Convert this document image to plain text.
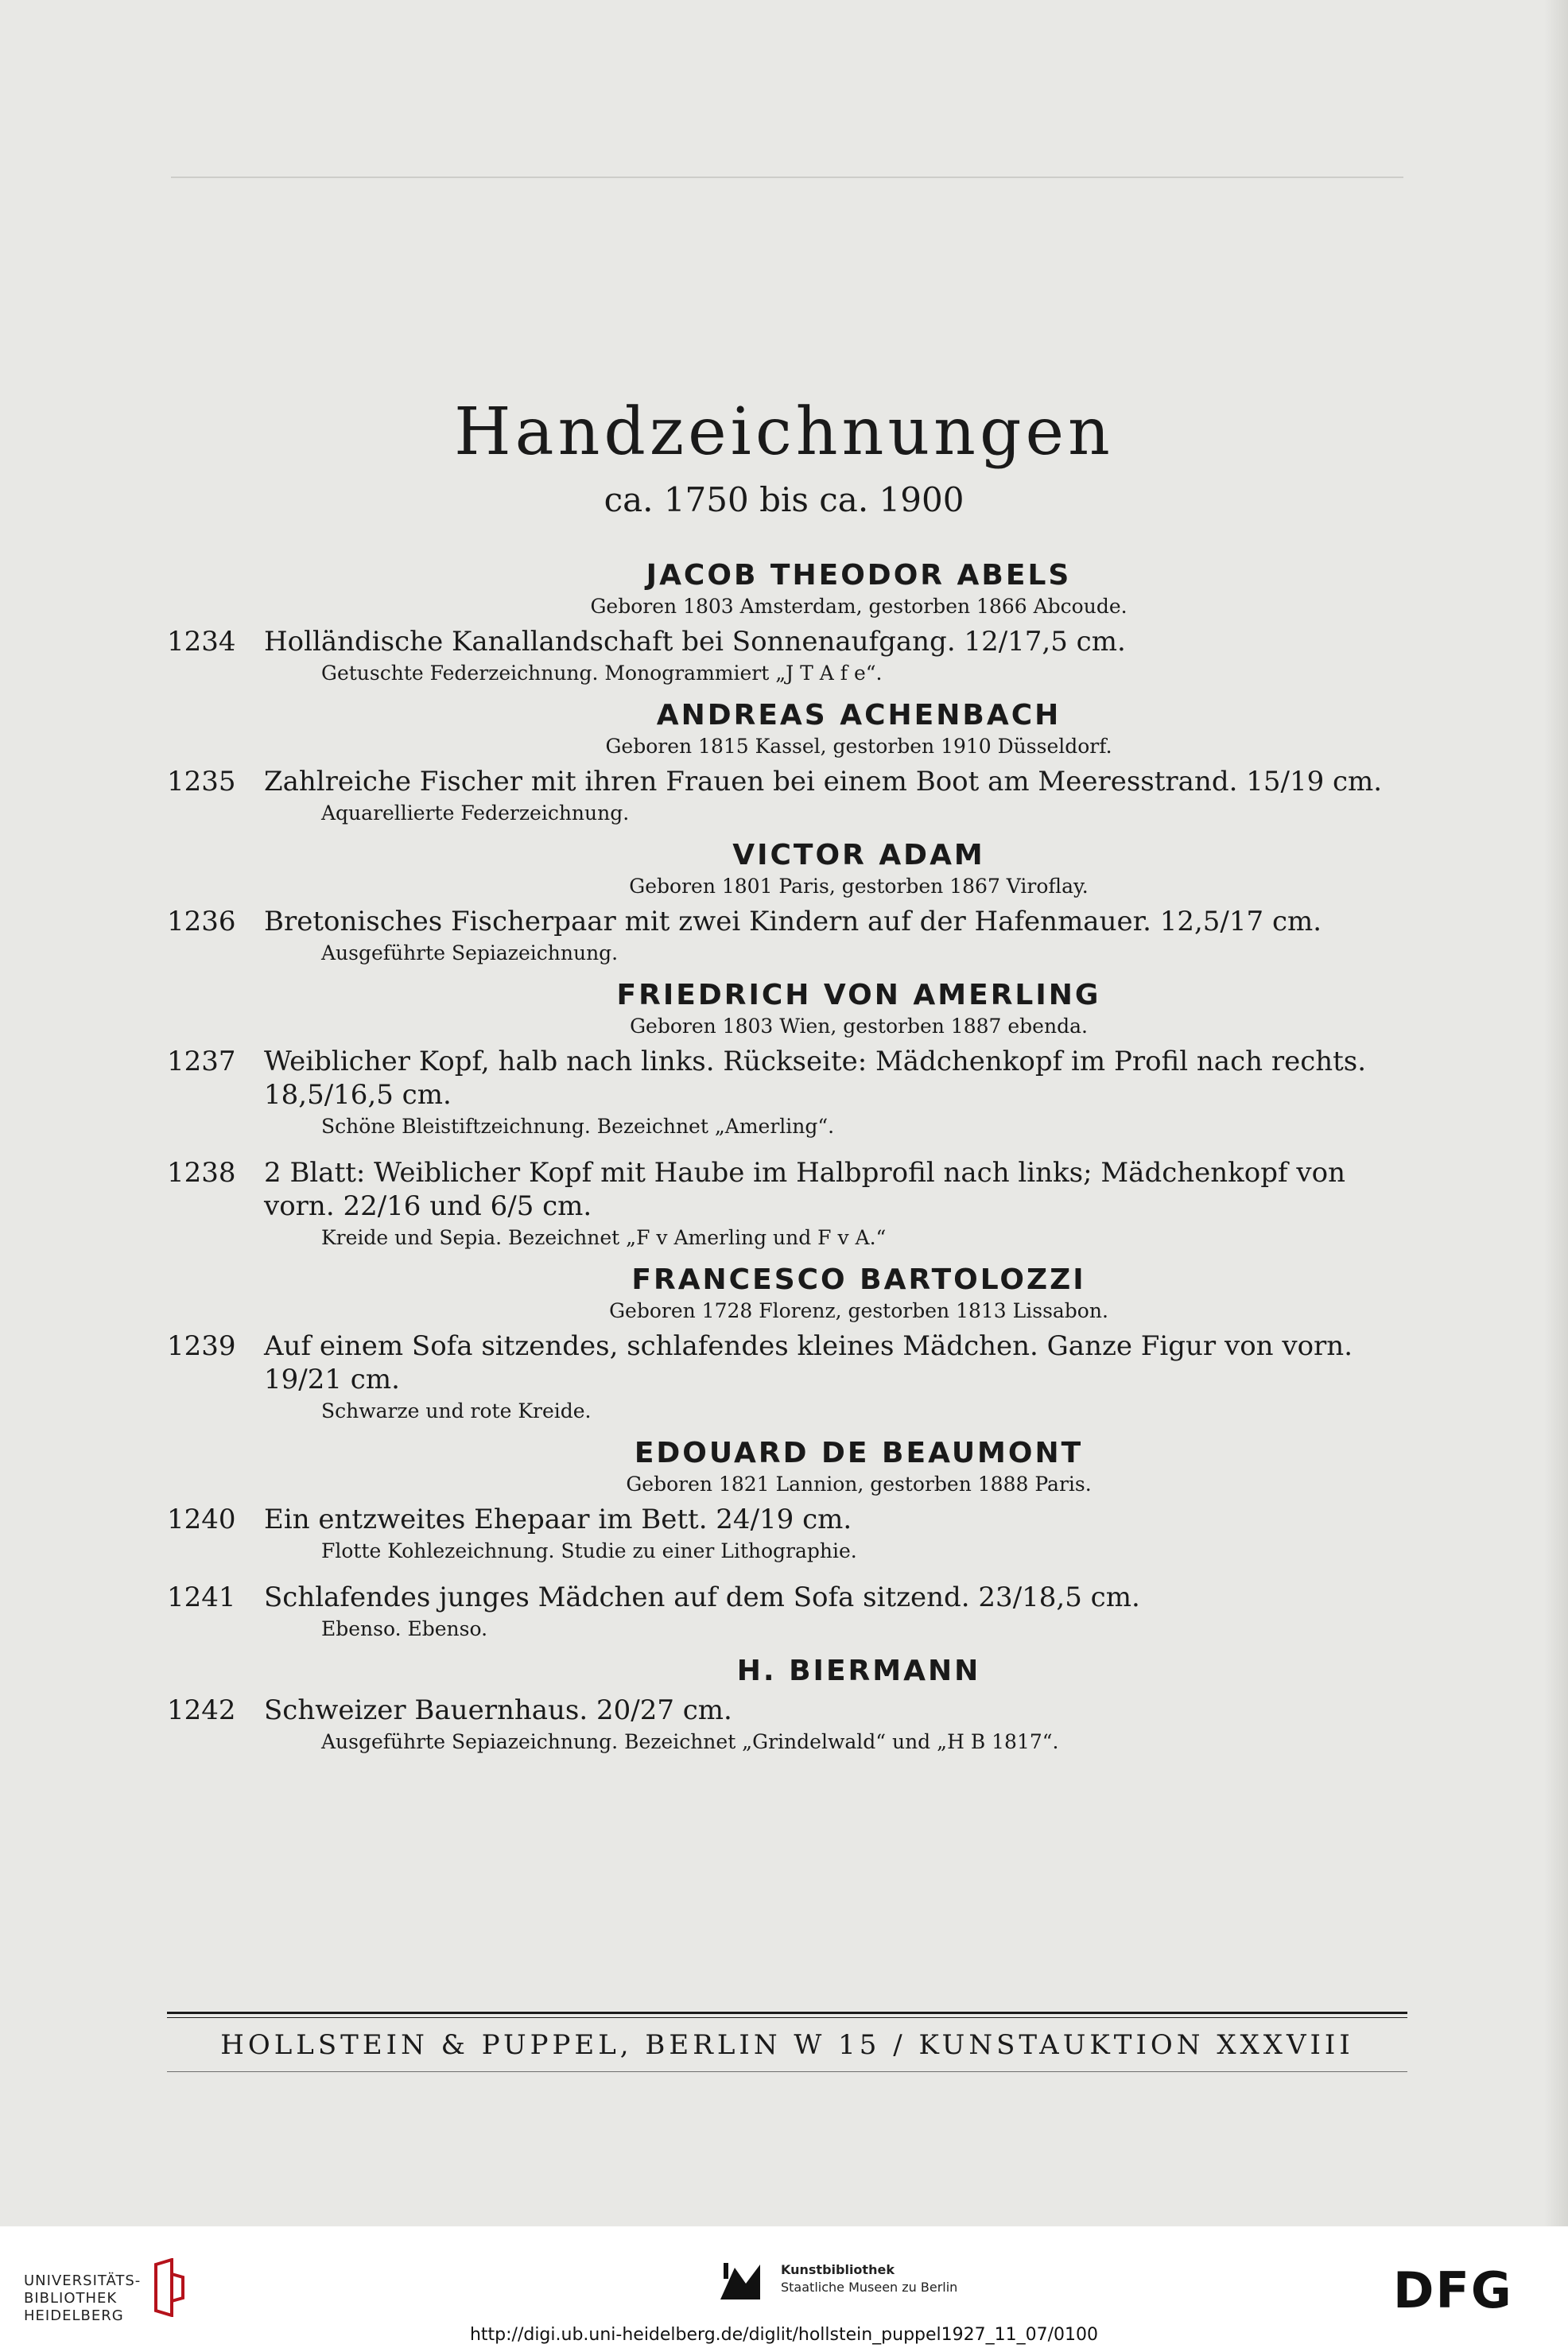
Handzeichnungen
ca. 1750 bis ca. 1900
JACOB THEODOR ABELS
Geboren 1803 Amsterdam, gestorben 1866 Abcoude.
1234	Holländische Kanallandschaft bei Sonnenaufgang. 12/17,5 cm.
Getuschte Federzeichnung. Monogrammiert „J T A f e“.
ANDREAS ACHENBACH
Geboren 1815 Kassel, gestorben 1910 Düsseldorf.
1235	Zahlreiche Fischer mit ihren Frauen bei einem Boot am Meeresstrand. 15/19 cm.
Aquarellierte Federzeichnung.
VICTOR ADAM
Geboren 1801 Paris, gestorben 1867 Viroflay.
1236	Bretonisches Fischerpaar mit zwei Kindern auf der Hafenmauer. 12,5/17 cm.
Ausgeführte Sepiazeichnung.
FRIEDRICH VON AMERLING
Geboren 1803 Wien, gestorben 1887 ebenda.
1237	Weiblicher Kopf, halb nach links. Rückseite: Mädchenkopf im Profil nach rechts. 18,5/16,5 cm.
Schöne Bleistiftzeichnung. Bezeichnet „Amerling“.
1238	2 Blatt: Weiblicher Kopf mit Haube im Halbprofil nach links; Mädchenkopf von vorn. 22/16 und 6/5 cm.
Kreide und Sepia. Bezeichnet „F v Amerling und F v A.“
FRANCESCO BARTOLOZZI
Geboren 1728 Florenz, gestorben 1813 Lissabon.
1239	Auf einem Sofa sitzendes, schlafendes kleines Mädchen. Ganze Figur von vorn. 19/21 cm.
Schwarze und rote Kreide.
EDOUARD DE BEAUMONT
Geboren 1821 Lannion, gestorben 1888 Paris.
1240	Ein entzweites Ehepaar im Bett. 24/19 cm.
Flotte Kohlezeichnung. Studie zu einer Lithographie.
1241	Schlafendes junges Mädchen auf dem Sofa sitzend. 23/18,5 cm.
Ebenso. Ebenso.
H. BIERMANN
1242	Schweizer Bauernhaus. 20/27 cm.
Ausgeführte Sepiazeichnung. Bezeichnet „Grindelwald“ und „H B 1817“.
HOLLSTEIN & PUPPEL, BERLIN W 15 / KUNSTAUKTION XXXVIII
UNIVERSITÄTS-
BIBLIOTHEK
HEIDELBERG
Kunstbibliothek
Staatliche Museen zu Berlin	DFG
http://digi.ub.uni-heidelberg.de/diglit/hollstein_puppel1927_11_07/0100
